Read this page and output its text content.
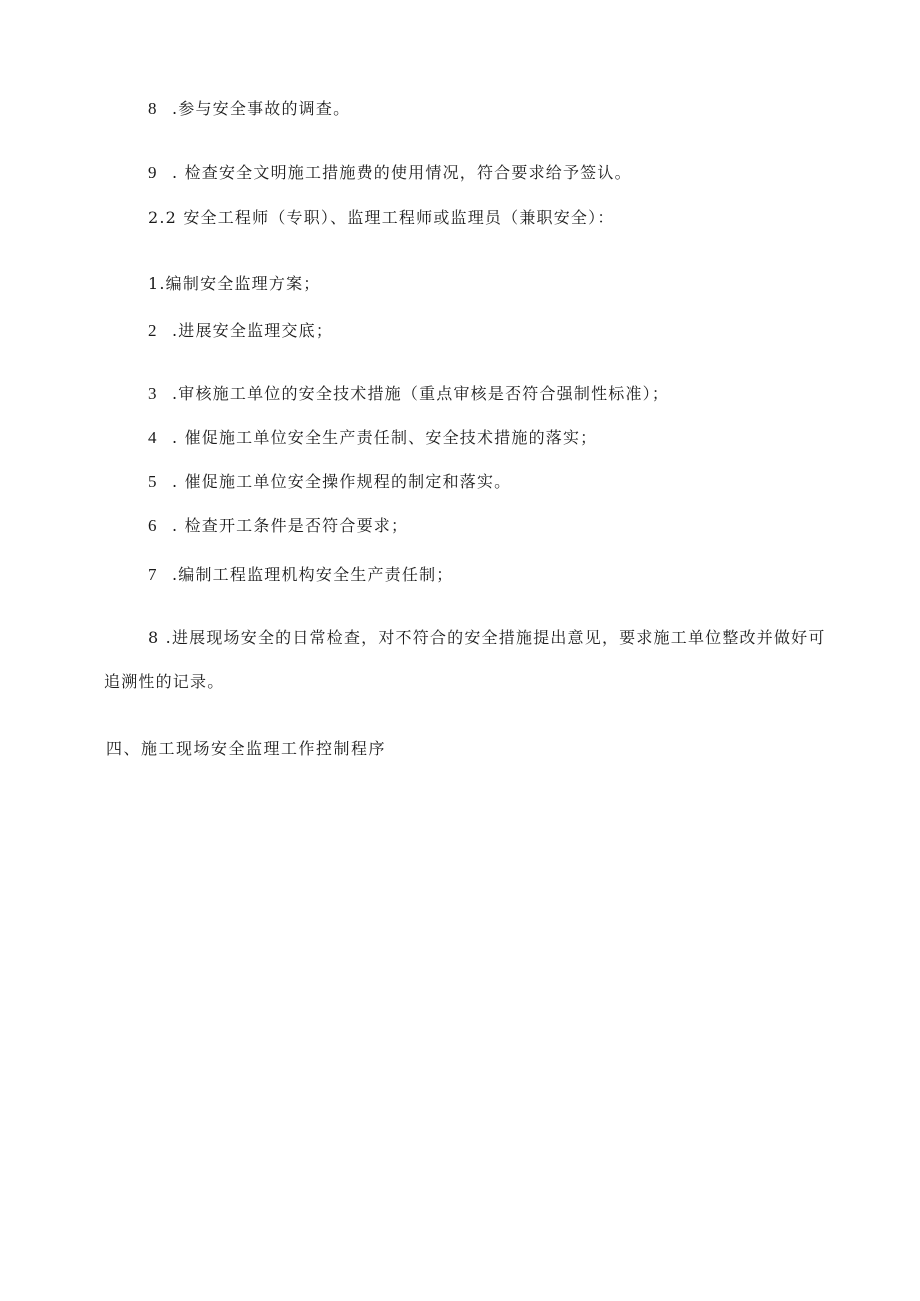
8 .参与安全事故的调查。
9 . 检查安全文明施工措施费的使用情况，符合要求给予签认。
2.2 安全工程师（专职）、监理工程师或监理员（兼职安全）：
1.编制安全监理方案；
2 .进展安全监理交底；
3 .审核施工单位的安全技术措施（重点审核是否符合强制性标准）；
4 . 催促施工单位安全生产责任制、安全技术措施的落实；
5 . 催促施工单位安全操作规程的制定和落实。
6 . 检查开工条件是否符合要求；
7 .编制工程监理机构安全生产责任制；
8 .进展现场安全的日常检查，对不符合的安全措施提出意见，要求施工单位整改并做好可
追溯性的记录。
四、施工现场安全监理工作控制程序
